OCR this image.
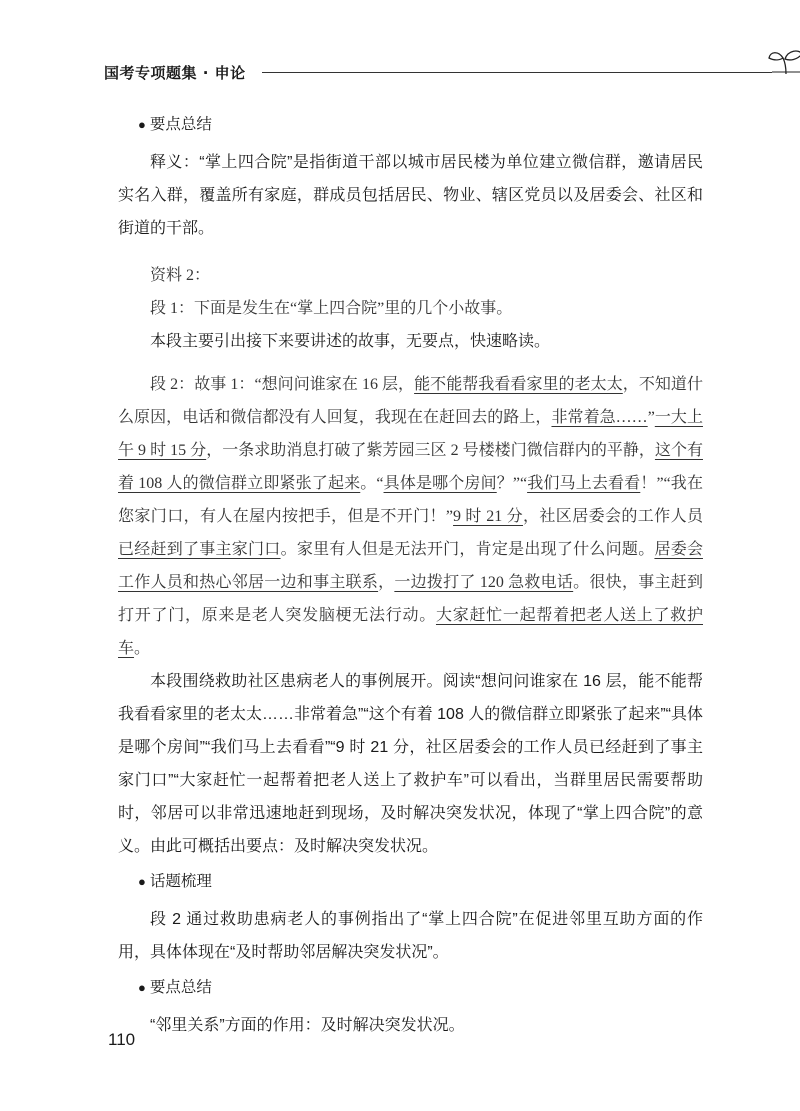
国考专项题集 · 申论
● 要点总结

释义：“掌上四合院”是指街道干部以城市居民楼为单位建立微信群，邀请居民实名入群，覆盖所有家庭，群成员包括居民、物业、辖区党员以及居委会、社区和街道的干部。

资料 2：

段 1：下面是发生在“掌上四合院”里的几个小故事。

本段主要引出接下来要讲述的故事，无要点，快速略读。

段 2：故事 1：“想问问谁家在 16 层，能不能帮我看看家里的老太太，不知道什么原因，电话和微信都没有人回复，我现在在赶回去的路上，非常着急……”一大上午 9 时 15 分，一条求助消息打破了紫芳园三区 2 号楼楼门微信群内的平静，这个有着 108 人的微信群立即紧张了起来。“具体是哪个房间？”“我们马上去看看！”“我在您家门口，有人在屋内按把手，但是不开门！”9 时 21 分，社区居委会的工作人员已经赶到了事主家门口。家里有人但是无法开门，肯定是出现了什么问题。居委会工作人员和热心邻居一边和事主联系，一边拨打了 120 急救电话。很快，事主赶到打开了门，原来是老人突发脑梗无法行动。大家赶忙一起帮着把老人送上了救护车。

本段围绕救助社区患病老人的事例展开。阅读“想问问谁家在 16 层，能不能帮我看看家里的老太太……非常着急”“这个有着 108 人的微信群立即紧张了起来”“具体是哪个房间”“我们马上去看看”“9 时 21 分，社区居委会的工作人员已经赶到了事主家门口”“大家赶忙一起帮着把老人送上了救护车”可以看出，当群里居民需要帮助时，邻居可以非常迅速地赶到现场，及时解决突发状况，体现了“掌上四合院”的意义。由此可概括出要点：及时解决突发状况。

● 话题梳理

段 2 通过救助患病老人的事例指出了“掌上四合院”在促进邻里互助方面的作用，具体体现在“及时帮助邻居解决突发状况”。

● 要点总结

“邻里关系”方面的作用：及时解决突发状况。

110
